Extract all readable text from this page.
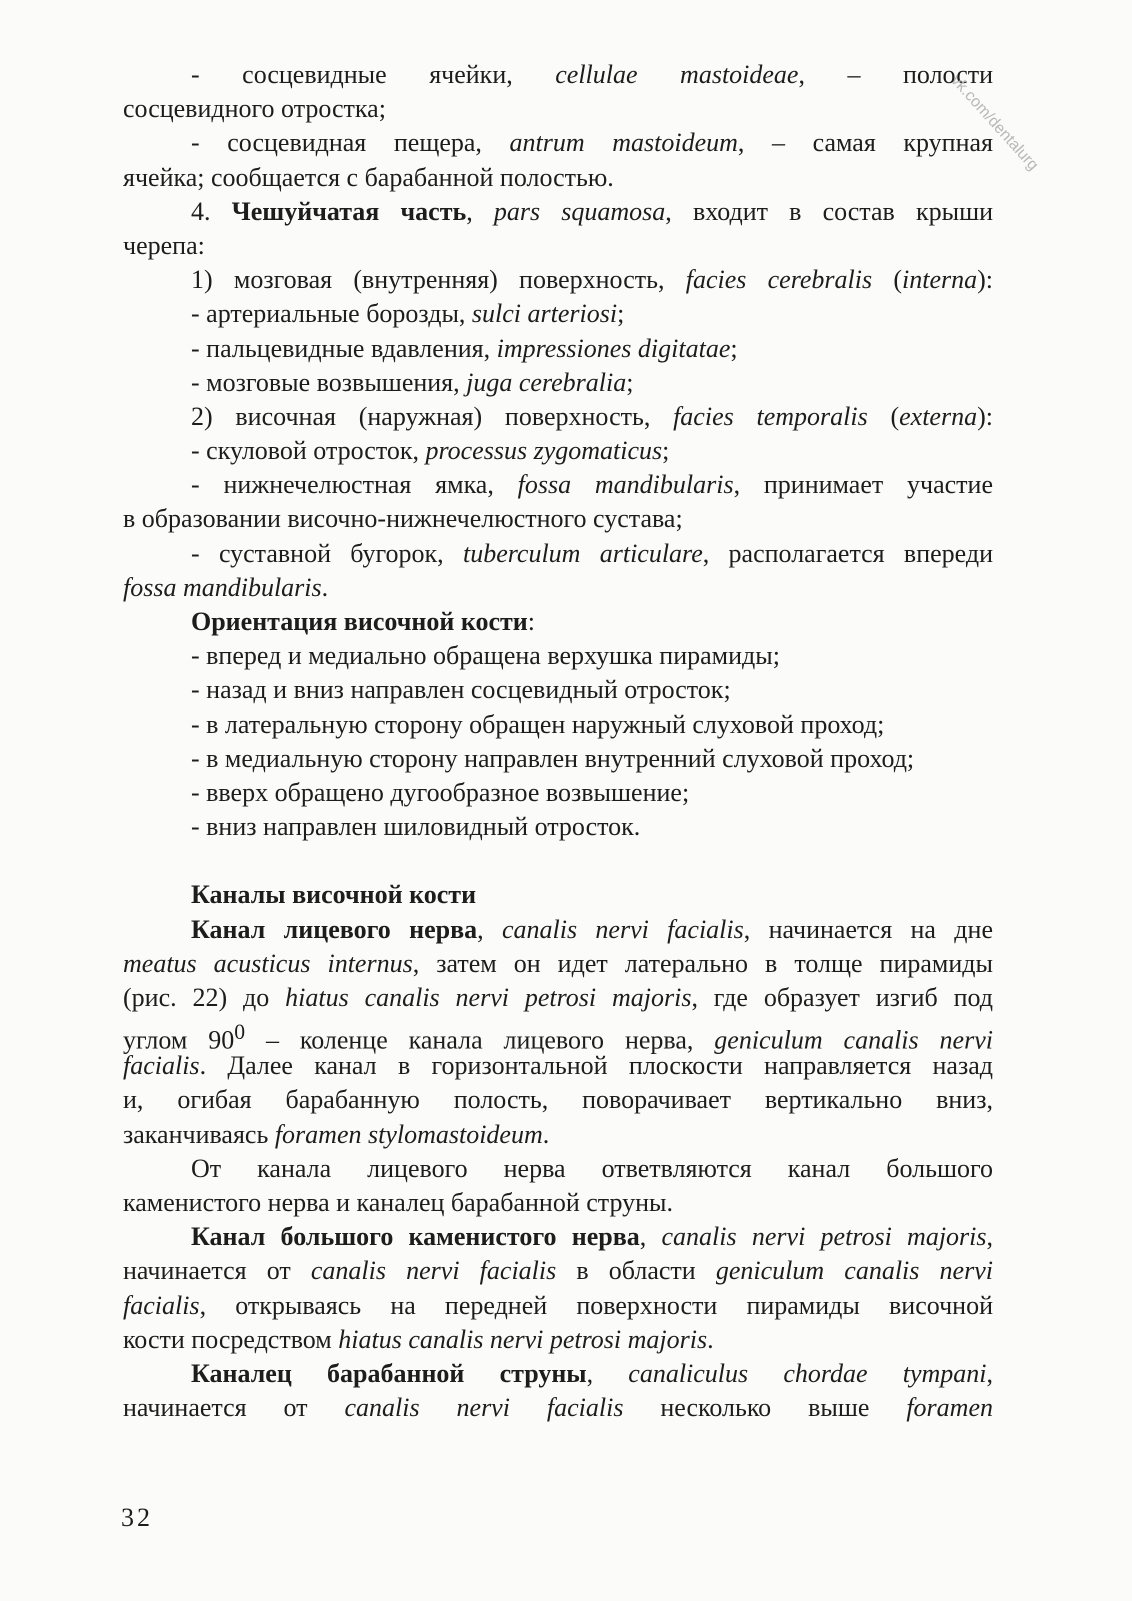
- сосцевидные ячейки, cellulae mastoideae, – полости
сосцевидного отростка;
- сосцевидная пещера, antrum mastoideum, – самая крупная
ячейка; сообщается с барабанной полостью.
4. Чешуйчатая часть, pars squamosa, входит в состав крыши
черепа:
1) мозговая (внутренняя) поверхность, facies cerebralis (interna):
- артериальные борозды, sulci arteriosi;
- пальцевидные вдавления, impressiones digitatae;
- мозговые возвышения, juga cerebralia;
2) височная (наружная) поверхность, facies temporalis (externa):
- скуловой отросток, processus zygomaticus;
- нижнечелюстная ямка, fossa mandibularis, принимает участие
в образовании височно-нижнечелюстного сустава;
- суставной бугорок, tuberculum articulare, располагается впереди
fossa mandibularis.
Ориентация височной кости:
- вперед и медиально обращена верхушка пирамиды;
- назад и вниз направлен сосцевидный отросток;
- в латеральную сторону обращен наружный слуховой проход;
- в медиальную сторону направлен внутренний слуховой проход;
- вверх обращено дугообразное возвышение;
- вниз направлен шиловидный отросток.
Каналы височной кости
Канал лицевого нерва, canalis nervi facialis, начинается на дне
meatus acusticus internus, затем он идет латерально в толще пирамиды
(рис. 22) до hiatus canalis nervi petrosi majoris, где образует изгиб под
углом $90^0$ – коленце канала лицевого нерва, geniculum canalis nervi
facialis. Далее канал в горизонтальной плоскости направляется назад
и, огибая барабанную полость, поворачивает вертикально вниз,
заканчиваясь foramen stylomastoideum.
От канала лицевого нерва ответвляются канал большого
каменистого нерва и каналец барабанной струны.
Канал большого каменистого нерва, canalis nervi petrosi majoris,
начинается от canalis nervi facialis в области geniculum canalis nervi
facialis, открываясь на передней поверхности пирамиды височной
кости посредством hiatus canalis nervi petrosi majoris.
Каналец барабанной струны, canaliculus chordae tympani,
начинается от canalis nervi facialis несколько выше foramen
32
vk.com/dentalurg
